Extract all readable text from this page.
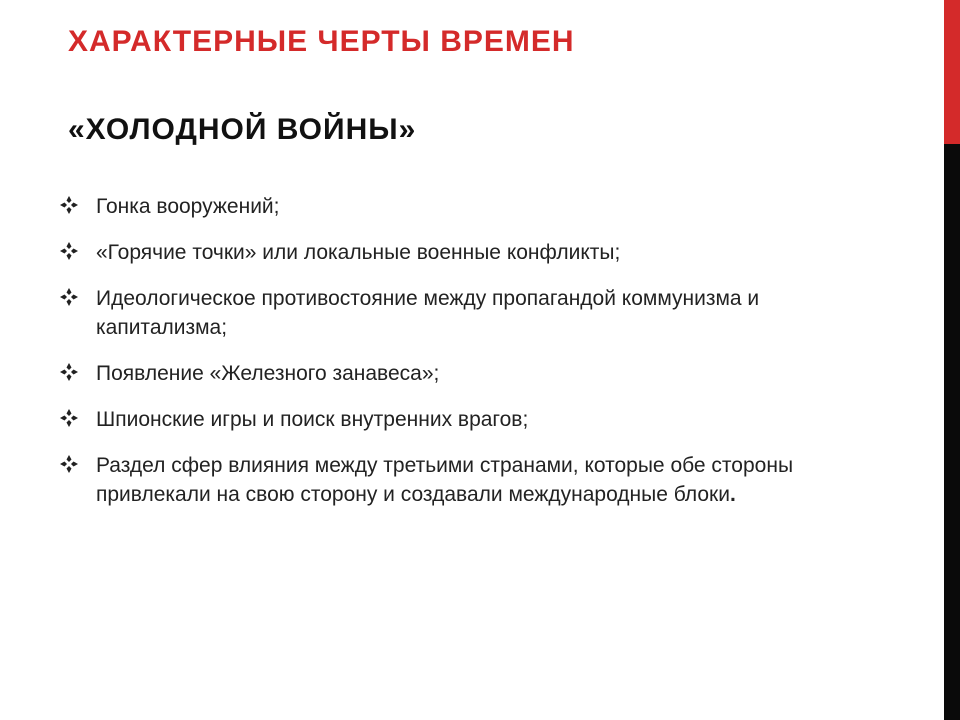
ХАРАКТЕРНЫЕ ЧЕРТЫ ВРЕМЕН
«ХОЛОДНОЙ ВОЙНЫ»
Гонка вооружений;
«Горячие точки» или локальные военные конфликты;
Идеологическое противостояние между пропагандой коммунизма и капитализма;
Появление «Железного занавеса»;
Шпионские игры и поиск внутренних врагов;
Раздел сфер влияния между третьими странами, которые обе стороны привлекали на свою сторону и создавали международные блоки.
